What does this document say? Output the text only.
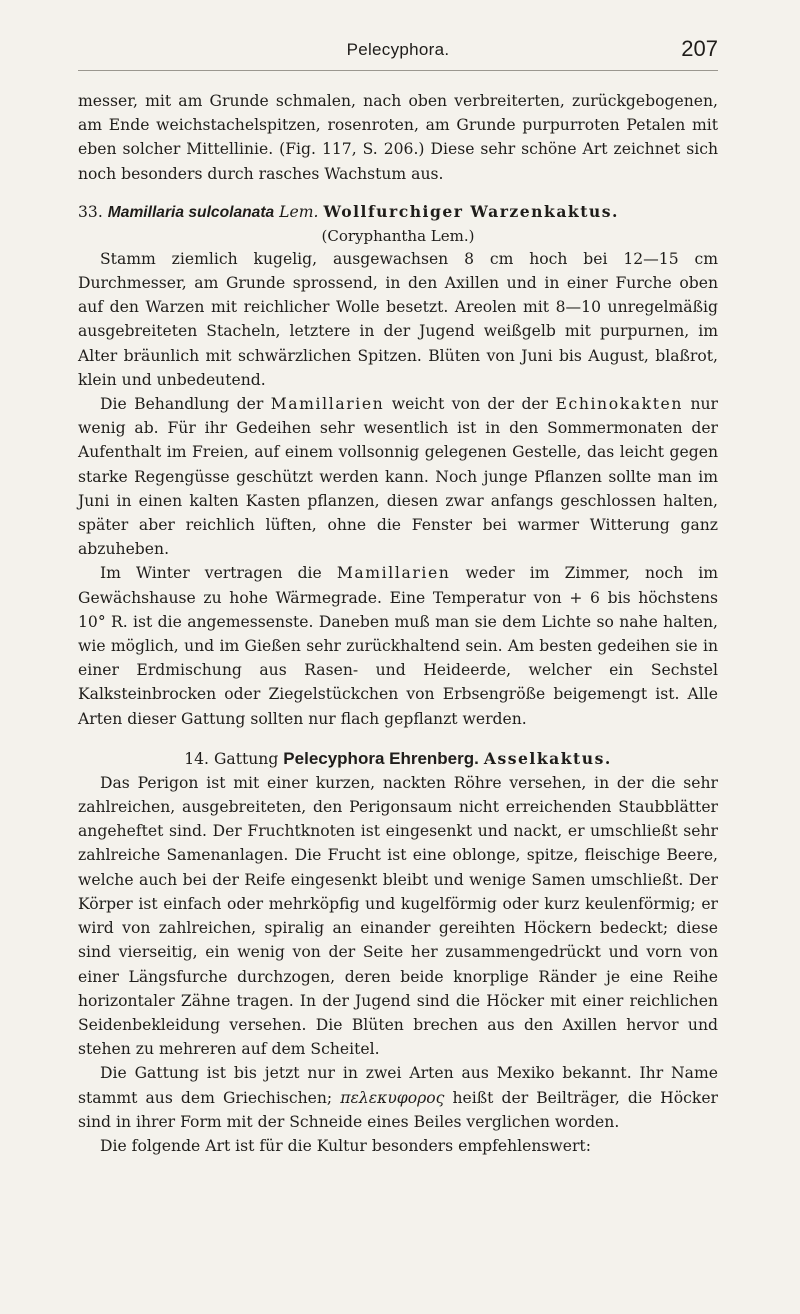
Pelecyphora.	207

messer, mit am Grunde schmalen, nach oben verbreiterten, zurückgebogenen, am Ende weichstachelspitzen, rosenroten, am Grunde purpurroten Petalen mit eben solcher Mittellinie. (Fig. 117, S. 206.) Diese sehr schöne Art zeichnet sich noch besonders durch rasches Wachstum aus.

33. Mamillaria sulcolanata Lem. Wollfurchiger Warzenkaktus.
(Coryphantha Lem.)

Stamm ziemlich kugelig, ausgewachsen 8 cm hoch bei 12—15 cm Durchmesser, am Grunde sprossend, in den Axillen und in einer Furche oben auf den Warzen mit reichlicher Wolle besetzt. Areolen mit 8—10 unregelmäßig ausgebreiteten Stacheln, letztere in der Jugend weißgelb mit purpurnen, im Alter bräunlich mit schwärzlichen Spitzen. Blüten von Juni bis August, blaßrot, klein und unbedeutend.

Die Behandlung der Mamillarien weicht von der der Echinokakten nur wenig ab. Für ihr Gedeihen sehr wesentlich ist in den Sommermonaten der Aufenthalt im Freien, auf einem vollsonnig gelegenen Gestelle, das leicht gegen starke Regengüsse geschützt werden kann. Noch junge Pflanzen sollte man im Juni in einen kalten Kasten pflanzen, diesen zwar anfangs geschlossen halten, später aber reichlich lüften, ohne die Fenster bei warmer Witterung ganz abzuheben.

Im Winter vertragen die Mamillarien weder im Zimmer, noch im Gewächshause zu hohe Wärmegrade. Eine Temperatur von + 6 bis höchstens 10° R. ist die angemessenste. Daneben muß man sie dem Lichte so nahe halten, wie möglich, und im Gießen sehr zurückhaltend sein. Am besten gedeihen sie in einer Erdmischung aus Rasen- und Heideerde, welcher ein Sechstel Kalksteinbrocken oder Ziegelstückchen von Erbsengröße beigemengt ist. Alle Arten dieser Gattung sollten nur flach gepflanzt werden.

14. Gattung Pelecyphora Ehrenberg. Asselkaktus.

Das Perigon ist mit einer kurzen, nackten Röhre versehen, in der die sehr zahlreichen, ausgebreiteten, den Perigonsaum nicht erreichenden Staubblätter angeheftet sind. Der Fruchtknoten ist eingesenkt und nackt, er umschließt sehr zahlreiche Samenanlagen. Die Frucht ist eine oblonge, spitze, fleischige Beere, welche auch bei der Reife eingesenkt bleibt und wenige Samen umschließt. Der Körper ist einfach oder mehrköpfig und kugelförmig oder kurz keulenförmig; er wird von zahlreichen, spiralig an einander gereihten Höckern bedeckt; diese sind vierseitig, ein wenig von der Seite her zusammengedrückt und vorn von einer Längsfurche durchzogen, deren beide knorplige Ränder je eine Reihe horizontaler Zähne tragen. In der Jugend sind die Höcker mit einer reichlichen Seidenbekleidung versehen. Die Blüten brechen aus den Axillen hervor und stehen zu mehreren auf dem Scheitel.

Die Gattung ist bis jetzt nur in zwei Arten aus Mexiko bekannt. Ihr Name stammt aus dem Griechischen; πελεκυφορος heißt der Beilträger, die Höcker sind in ihrer Form mit der Schneide eines Beiles verglichen worden.

Die folgende Art ist für die Kultur besonders empfehlenswert:
